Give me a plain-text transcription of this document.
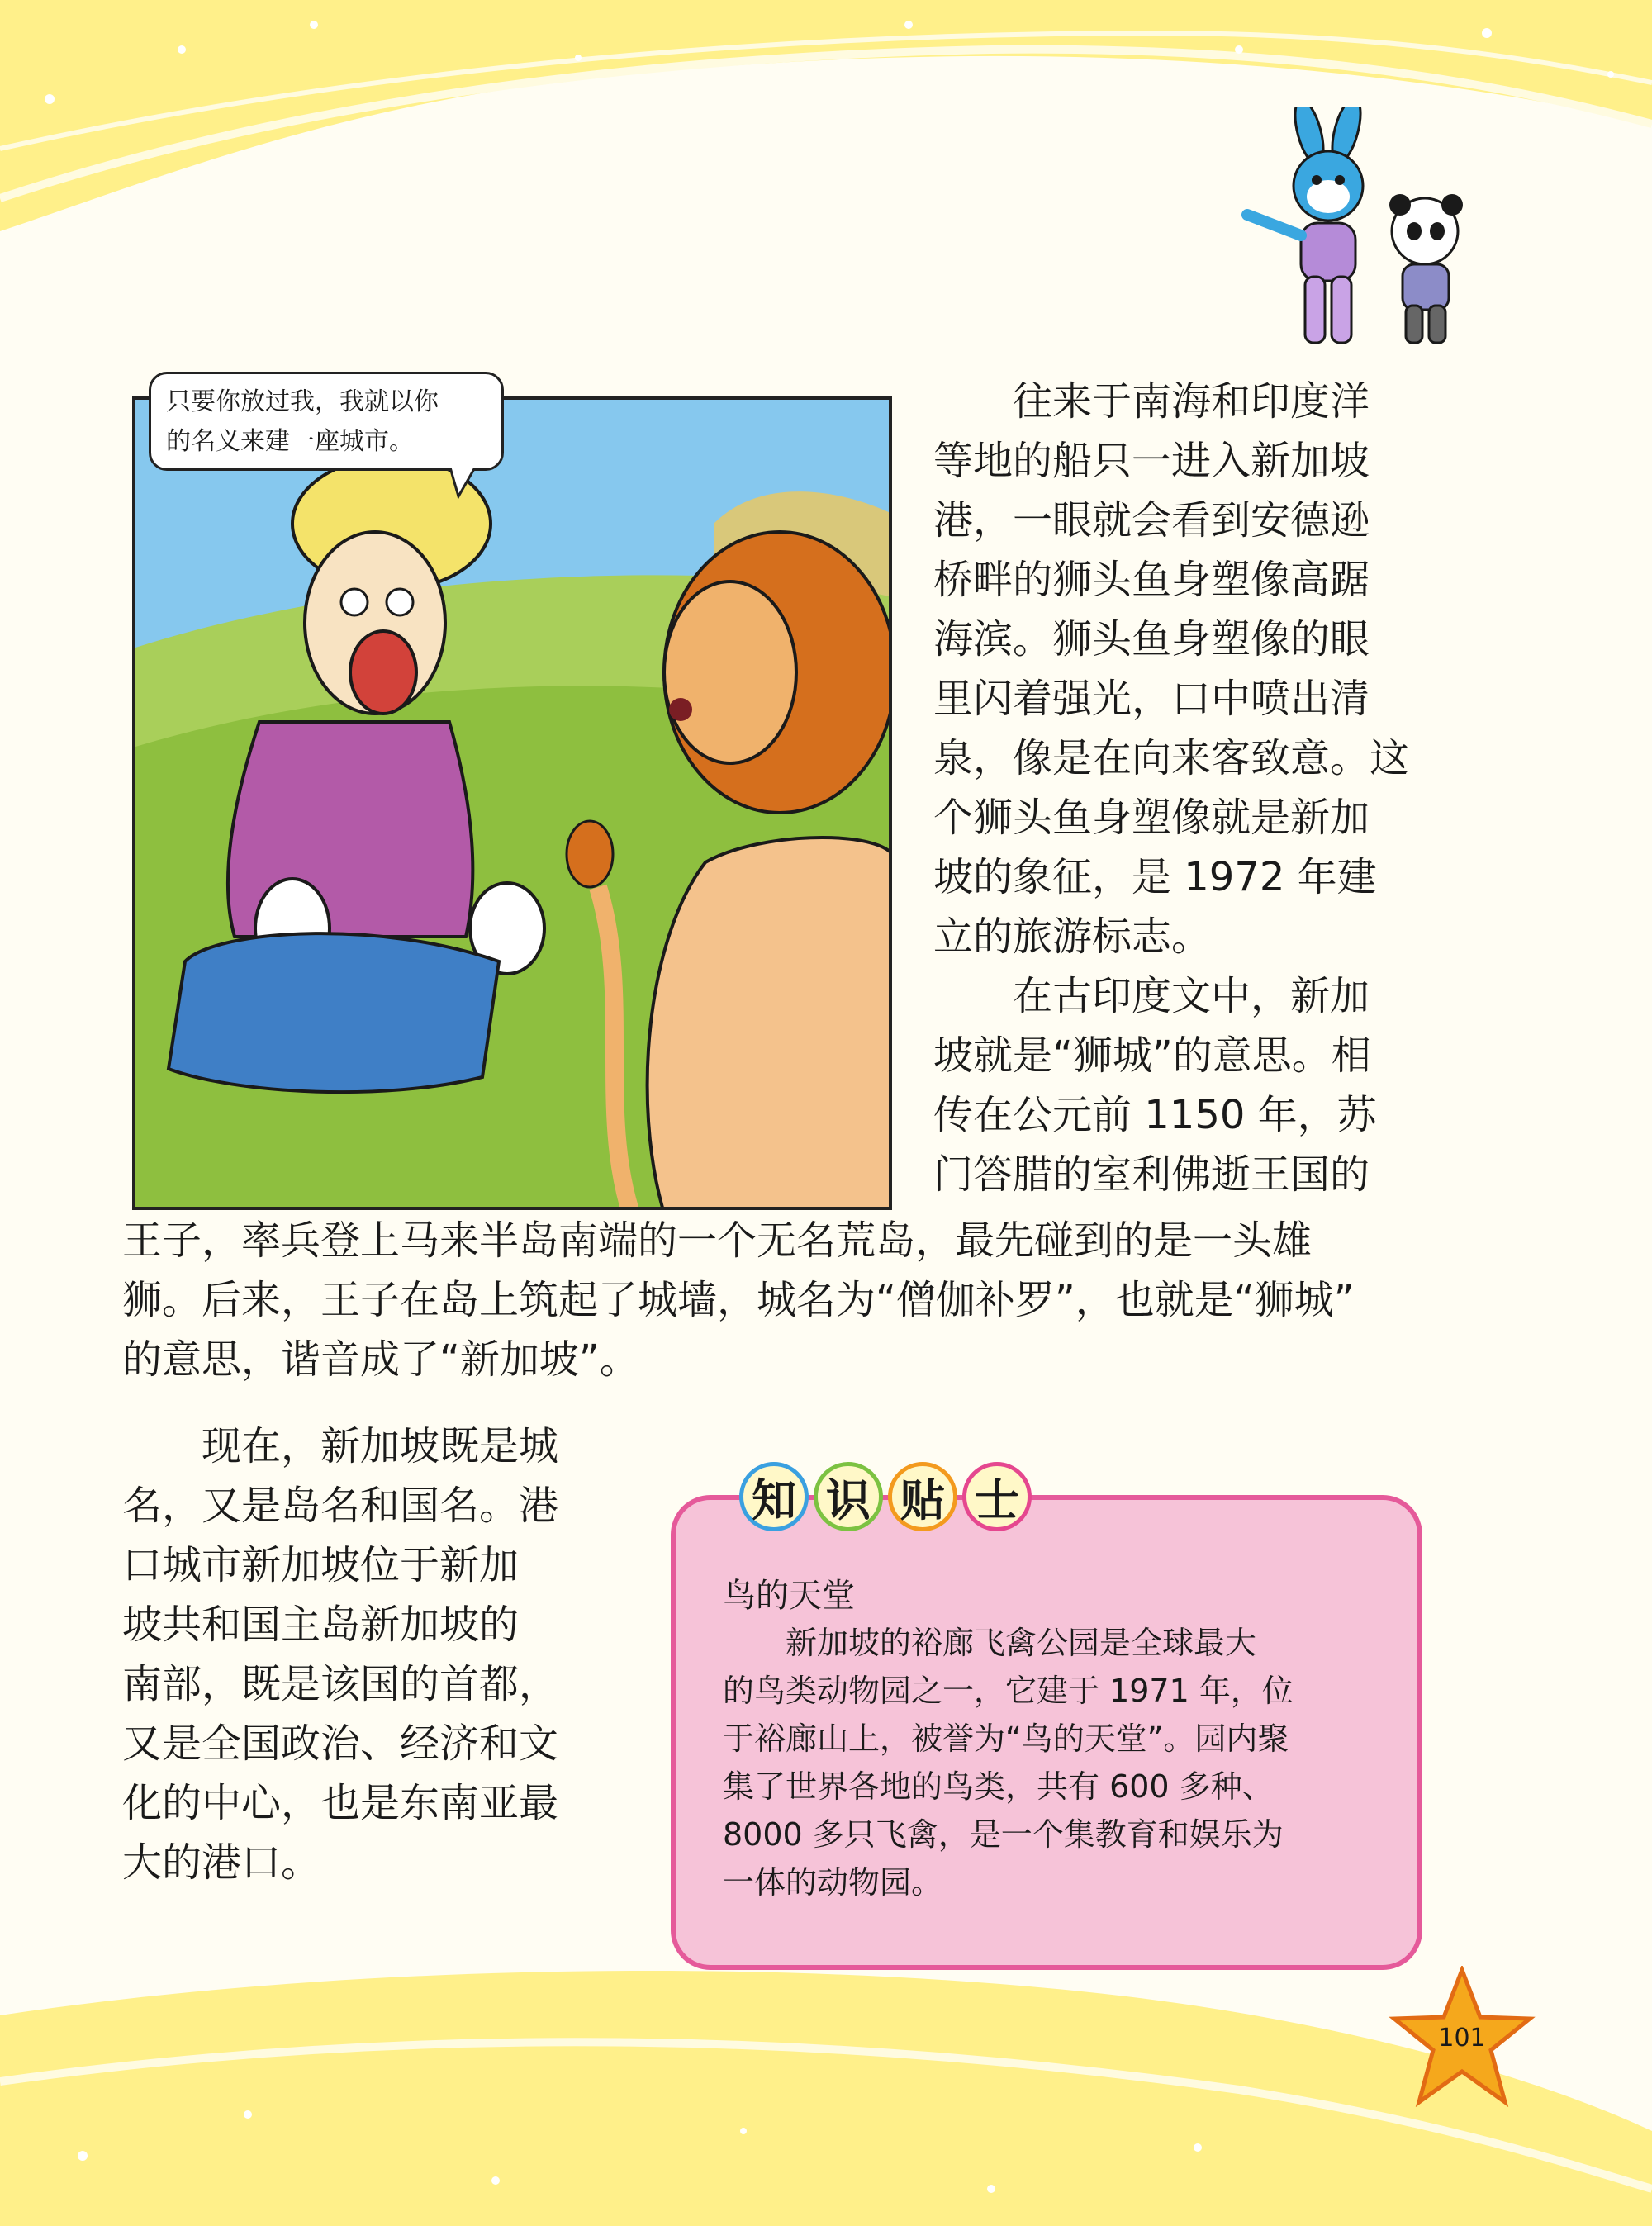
只要你放过我，我就以你
的名义来建一座城市。

往来于南海和印度洋
等地的船只一进入新加坡
港，一眼就会看到安德逊
桥畔的狮头鱼身塑像高踞
海滨。狮头鱼身塑像的眼
里闪着强光，口中喷出清
泉，像是在向来客致意。这
个狮头鱼身塑像就是新加
坡的象征，是 1972 年建
立的旅游标志。

在古印度文中，新加
坡就是“狮城”的意思。相
传在公元前 1150 年，苏
门答腊的室利佛逝王国的

王子，率兵登上马来半岛南端的一个无名荒岛，最先碰到的是一头雄
狮。后来，王子在岛上筑起了城墙，城名为“僧伽补罗”，也就是“狮城”
的意思，谐音成了“新加坡”。

现在，新加坡既是城
名，又是岛名和国名。港
口城市新加坡位于新加
坡共和国主岛新加坡的
南部，既是该国的首都，
又是全国政治、经济和文
化的中心，也是东南亚最
大的港口。

知 识 贴 士
鸟的天堂
新加坡的裕廊飞禽公园是全球最大
的鸟类动物园之一，它建于 1971 年，位
于裕廊山上，被誉为“鸟的天堂”。园内聚
集了世界各地的鸟类，共有 600 多种、
8000 多只飞禽，是一个集教育和娱乐为
一体的动物园。
101
